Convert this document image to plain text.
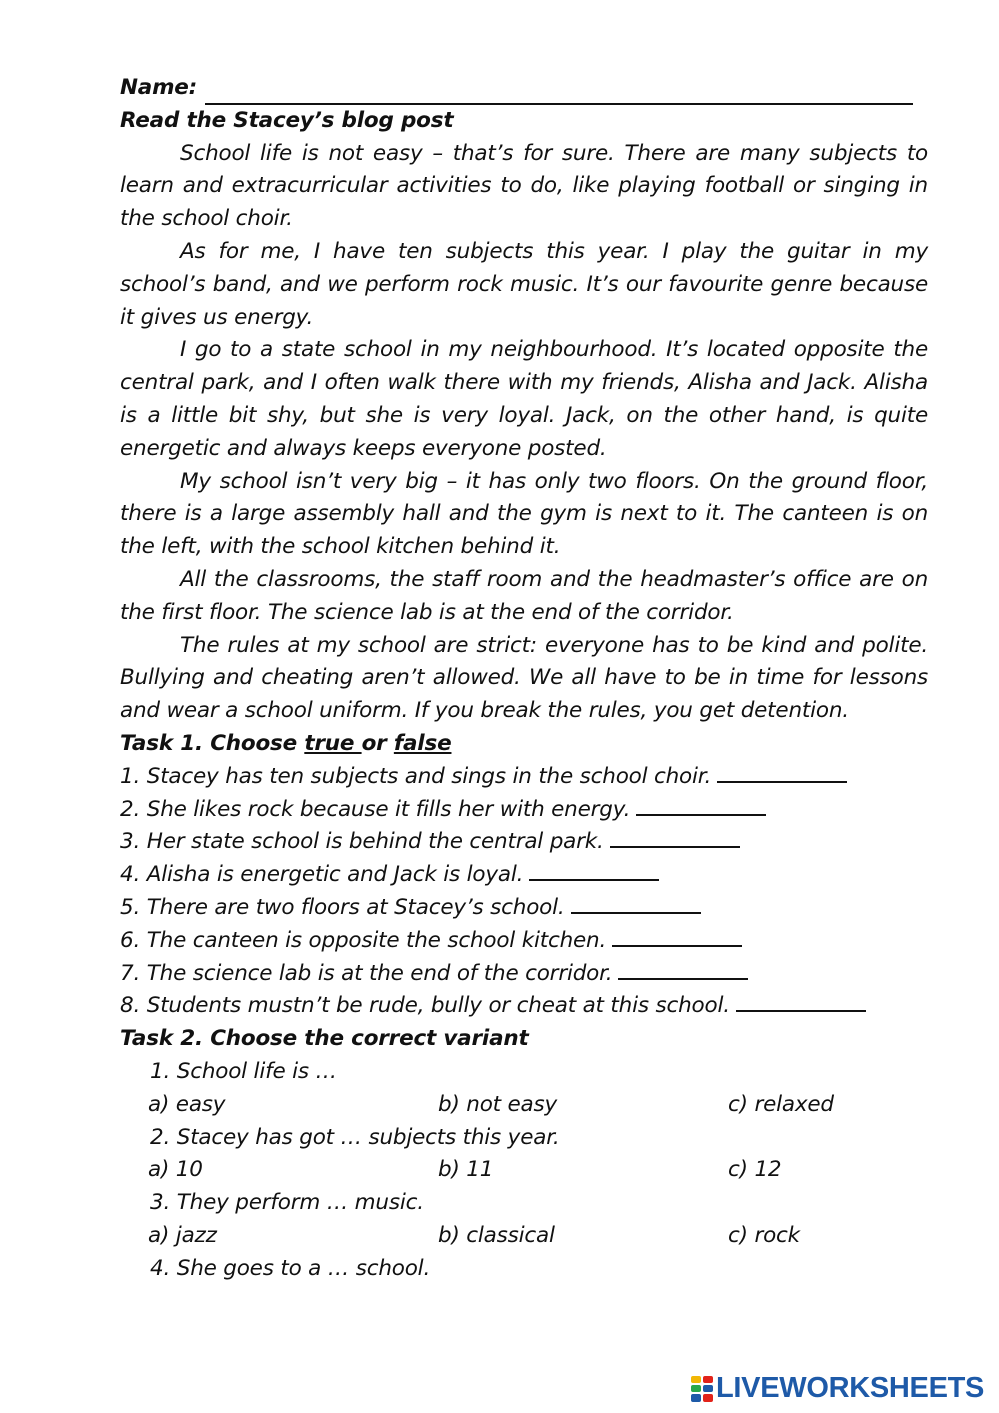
Name:
Read the Stacey’s blog post

School life is not easy – that’s for sure. There are many subjects to learn and extracurricular activities to do, like playing football or singing in the school choir.

As for me, I have ten subjects this year. I play the guitar in my school’s band, and we perform rock music. It’s our favourite genre because it gives us energy.

I go to a state school in my neighbourhood. It’s located opposite the central park, and I often walk there with my friends, Alisha and Jack. Alisha is a little bit shy, but she is very loyal. Jack, on the other hand, is quite energetic and always keeps everyone posted.

My school isn’t very big – it has only two floors. On the ground floor, there is a large assembly hall and the gym is next to it. The canteen is on the left, with the school kitchen behind it.

All the classrooms, the staff room and the headmaster’s office are on the first floor. The science lab is at the end of the corridor.

The rules at my school are strict: everyone has to be kind and polite. Bullying and cheating aren’t allowed. We all have to be in time for lessons and wear a school uniform. If you break the rules, you get detention.

Task 1. Choose true or false
1. Stacey has ten subjects and sings in the school choir.
2. She likes rock because it fills her with energy.
3. Her state school is behind the central park.
4. Alisha is energetic and Jack is loyal.
5. There are two floors at Stacey’s school.
6. The canteen is opposite the school kitchen.
7. The science lab is at the end of the corridor.
8. Students mustn’t be rude, bully or cheat at this school.
Task 2. Choose the correct variant
1. School life is …
a) easy	b) not easy	c) relaxed
2. Stacey has got … subjects this year.
a) 10	b) 11	c) 12
3. They perform … music.
a) jazz	b) classical	c) rock
4. She goes to a … school.
LIVEWORKSHEETS
